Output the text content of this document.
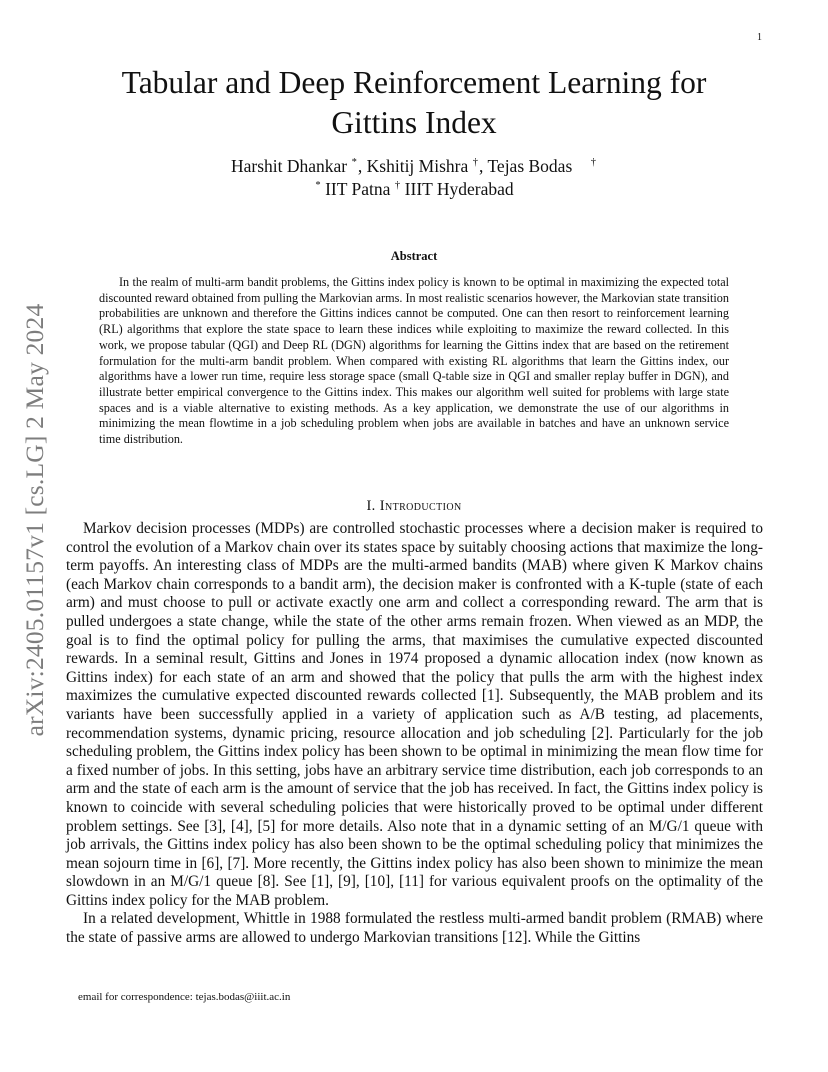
1
arXiv:2405.01157v1 [cs.LG] 2 May 2024
Tabular and Deep Reinforcement Learning for
Gittins Index
Harshit Dhankar  *, Kshitij Mishra  †, Tejas Bodas  †
*  IIT Patna  †  IIIT Hyderabad
Abstract

In the realm of multi-arm bandit problems, the Gittins index policy is known to be optimal in maximizing the expected total discounted reward obtained from pulling the Markovian arms. In most realistic scenarios however, the Markovian state transition probabilities are unknown and therefore the Gittins indices cannot be computed. One can then resort to reinforcement learning (RL) algorithms that explore the state space to learn these indices while exploiting to maximize the reward collected. In this work, we propose tabular (QGI) and Deep RL (DGN) algorithms for learning the Gittins index that are based on the retirement formulation for the multi-arm bandit problem. When compared with existing RL algorithms that learn the Gittins index, our algorithms have a lower run time, require less storage space (small Q-table size in QGI and smaller replay buffer in DGN), and illustrate better empirical convergence to the Gittins index. This makes our algorithm well suited for problems with large state spaces and is a viable alternative to existing methods. As a key application, we demonstrate the use of our algorithms in minimizing the mean flowtime in a job scheduling problem when jobs are available in batches and have an unknown service time distribution.

I. Introduction

Markov decision processes (MDPs) are controlled stochastic processes where a decision maker is required to control the evolution of a Markov chain over its states space by suitably choosing actions that maximize the long-term payoffs. An interesting class of MDPs are the multi-armed bandits (MAB) where given K Markov chains (each Markov chain corresponds to a bandit arm), the decision maker is confronted with a K-tuple (state of each arm) and must choose to pull or activate exactly one arm and collect a corresponding reward. The arm that is pulled undergoes a state change, while the state of the other arms remain frozen. When viewed as an MDP, the goal is to find the optimal policy for pulling the arms, that maximises the cumulative expected discounted rewards. In a seminal result, Gittins and Jones in 1974 proposed a dynamic allocation index (now known as Gittins index) for each state of an arm and showed that the policy that pulls the arm with the highest index maximizes the cumulative expected discounted rewards collected [1]. Subsequently, the MAB problem and its variants have been successfully applied in a variety of application such as A/B testing, ad placements, recommendation systems, dynamic pricing, resource allocation and job scheduling [2]. Particularly for the job scheduling problem, the Gittins index policy has been shown to be optimal in minimizing the mean flow time for a fixed number of jobs. In this setting, jobs have an arbitrary service time distribution, each job corresponds to an arm and the state of each arm is the amount of service that the job has received. In fact, the Gittins index policy is known to coincide with several scheduling policies that were historically proved to be optimal under different problem settings. See [3], [4], [5] for more details. Also note that in a dynamic setting of an M/G/1 queue with job arrivals, the Gittins index policy has also been shown to be the optimal scheduling policy that minimizes the mean sojourn time in [6], [7]. More recently, the Gittins index policy has also been shown to minimize the mean slowdown in an M/G/1 queue [8]. See [1], [9], [10], [11] for various equivalent proofs on the optimality of the Gittins index policy for the MAB problem.

In a related development, Whittle in 1988 formulated the restless multi-armed bandit problem (RMAB) where the state of passive arms are allowed to undergo Markovian transitions [12]. While the Gittins

email for correspondence: tejas.bodas@iiit.ac.in
